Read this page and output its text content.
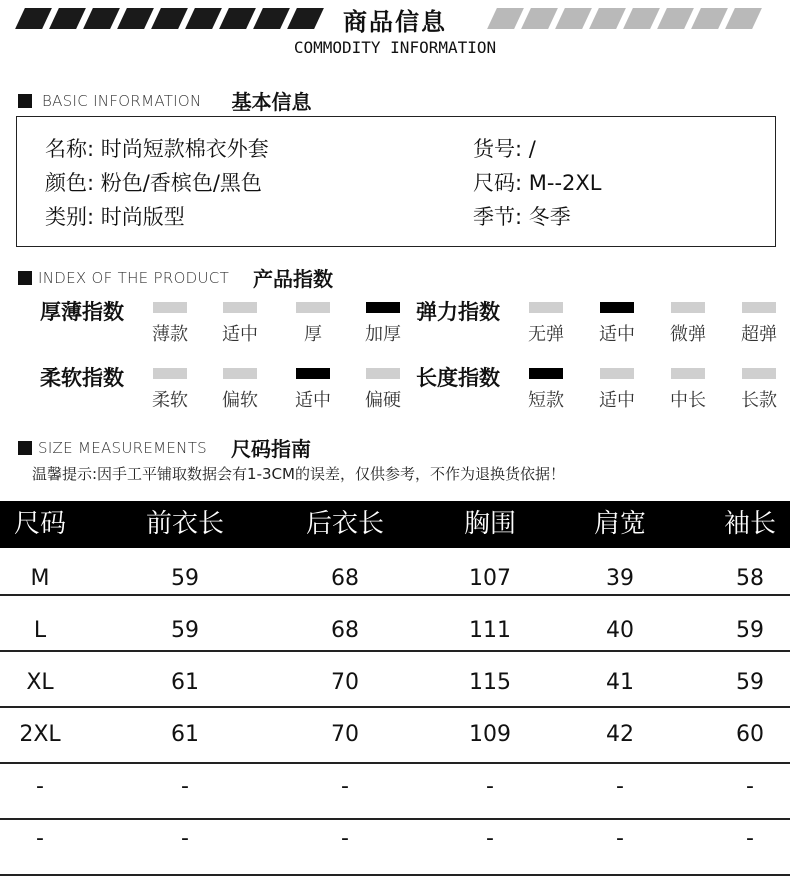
商品信息
COMMODITY INFORMATION
BASIC INFORMATION 基本信息
名称: 时尚短款棉衣外套
颜色: 粉色/香槟色/黑色
类别: 时尚版型
货号: /
尺码: M--2XL
季节: 冬季
INDEX OF THE PRODUCT 产品指数
厚薄指数
薄款	适中	厚	加厚
弹力指数
无弹	适中	微弹	超弹
柔软指数
柔软	偏软	适中	偏硬
长度指数
短款	适中	中长	长款
SIZE MEASUREMENTS 尺码指南
温馨提示:因手工平铺取数据会有1-3CM的误差，仅供参考，不作为退换货依据！
尺码	前衣长	后衣长	胸围	肩宽	袖长
M	59	68	107	39	58
L	59	68	111	40	59
XL	61	70	115	41	59
2XL	61	70	109	42	60
-	-	-	-	-	-
-	-	-	-	-	-
